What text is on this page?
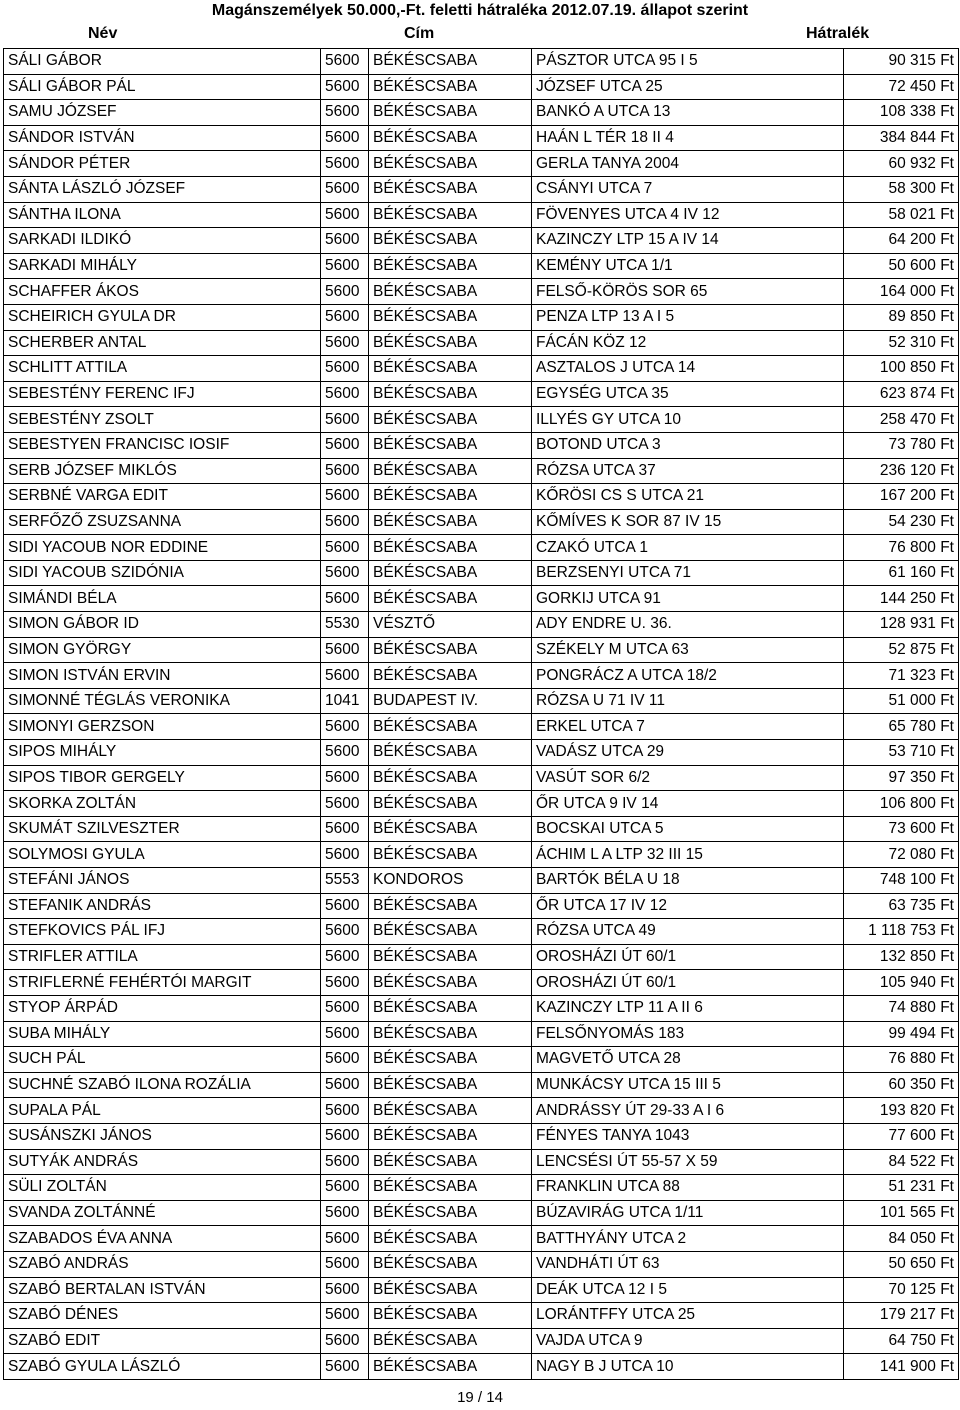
Magánszemélyek 50.000,-Ft. feletti hátraléka 2012.07.19. állapot szerint
Név	Cím	Hátralék
SÁLI GÁBOR	5600	BÉKÉSCSABA	PÁSZTOR UTCA 95 I 5	90 315 Ft
SÁLI GÁBOR PÁL	5600	BÉKÉSCSABA	JÓZSEF UTCA 25	72 450 Ft
SAMU JÓZSEF	5600	BÉKÉSCSABA	BANKÓ A UTCA 13	108 338 Ft
SÁNDOR ISTVÁN	5600	BÉKÉSCSABA	HAÁN L TÉR 18 II 4	384 844 Ft
SÁNDOR PÉTER	5600	BÉKÉSCSABA	GERLA TANYA 2004	60 932 Ft
SÁNTA LÁSZLÓ JÓZSEF	5600	BÉKÉSCSABA	CSÁNYI UTCA 7	58 300 Ft
SÁNTHA ILONA	5600	BÉKÉSCSABA	FÖVENYES UTCA 4 IV 12	58 021 Ft
SARKADI ILDIKÓ	5600	BÉKÉSCSABA	KAZINCZY LTP 15 A IV 14	64 200 Ft
SARKADI MIHÁLY	5600	BÉKÉSCSABA	KEMÉNY UTCA 1/1	50 600 Ft
SCHAFFER ÁKOS	5600	BÉKÉSCSABA	FELSŐ-KÖRÖS SOR 65	164 000 Ft
SCHEIRICH GYULA DR	5600	BÉKÉSCSABA	PENZA LTP 13 A I 5	89 850 Ft
SCHERBER ANTAL	5600	BÉKÉSCSABA	FÁCÁN KÖZ 12	52 310 Ft
SCHLITT ATTILA	5600	BÉKÉSCSABA	ASZTALOS J UTCA 14	100 850 Ft
SEBESTÉNY FERENC IFJ	5600	BÉKÉSCSABA	EGYSÉG UTCA 35	623 874 Ft
SEBESTÉNY ZSOLT	5600	BÉKÉSCSABA	ILLYÉS GY UTCA 10	258 470 Ft
SEBESTYEN FRANCISC IOSIF	5600	BÉKÉSCSABA	BOTOND UTCA 3	73 780 Ft
SERB JÓZSEF MIKLÓS	5600	BÉKÉSCSABA	RÓZSA UTCA 37	236 120 Ft
SERBNÉ VARGA EDIT	5600	BÉKÉSCSABA	KŐRÖSI CS S UTCA 21	167 200 Ft
SERFŐZŐ ZSUZSANNA	5600	BÉKÉSCSABA	KŐMÍVES K SOR 87 IV 15	54 230 Ft
SIDI YACOUB NOR EDDINE	5600	BÉKÉSCSABA	CZAKÓ UTCA 1	76 800 Ft
SIDI YACOUB SZIDÓNIA	5600	BÉKÉSCSABA	BERZSENYI UTCA 71	61 160 Ft
SIMÁNDI BÉLA	5600	BÉKÉSCSABA	GORKIJ UTCA 91	144 250 Ft
SIMON GÁBOR ID	5530	VÉSZTŐ	ADY ENDRE U. 36.	128 931 Ft
SIMON GYÖRGY	5600	BÉKÉSCSABA	SZÉKELY M UTCA 63	52 875 Ft
SIMON ISTVÁN ERVIN	5600	BÉKÉSCSABA	PONGRÁCZ A UTCA 18/2	71 323 Ft
SIMONNÉ TÉGLÁS VERONIKA	1041	BUDAPEST IV.	RÓZSA U 71 IV 11	51 000 Ft
SIMONYI GERZSON	5600	BÉKÉSCSABA	ERKEL UTCA 7	65 780 Ft
SIPOS MIHÁLY	5600	BÉKÉSCSABA	VADÁSZ UTCA 29	53 710 Ft
SIPOS TIBOR GERGELY	5600	BÉKÉSCSABA	VASÚT SOR 6/2	97 350 Ft
SKORKA ZOLTÁN	5600	BÉKÉSCSABA	ŐR UTCA 9 IV 14	106 800 Ft
SKUMÁT SZILVESZTER	5600	BÉKÉSCSABA	BOCSKAI UTCA 5	73 600 Ft
SOLYMOSI GYULA	5600	BÉKÉSCSABA	ÁCHIM L A LTP 32 III 15	72 080 Ft
STEFÁNI JÁNOS	5553	KONDOROS	BARTÓK BÉLA U 18	748 100 Ft
STEFANIK ANDRÁS	5600	BÉKÉSCSABA	ŐR UTCA 17 IV 12	63 735 Ft
STEFKOVICS PÁL IFJ	5600	BÉKÉSCSABA	RÓZSA UTCA 49	1 118 753 Ft
STRIFLER ATTILA	5600	BÉKÉSCSABA	OROSHÁZI ÚT 60/1	132 850 Ft
STRIFLERNÉ FEHÉRTÓI MARGIT	5600	BÉKÉSCSABA	OROSHÁZI ÚT 60/1	105 940 Ft
STYOP ÁRPÁD	5600	BÉKÉSCSABA	KAZINCZY LTP 11 A II 6	74 880 Ft
SUBA MIHÁLY	5600	BÉKÉSCSABA	FELSŐNYOMÁS 183	99 494 Ft
SUCH PÁL	5600	BÉKÉSCSABA	MAGVETŐ UTCA 28	76 880 Ft
SUCHNÉ SZABÓ ILONA ROZÁLIA	5600	BÉKÉSCSABA	MUNKÁCSY UTCA 15 III 5	60 350 Ft
SUPALA PÁL	5600	BÉKÉSCSABA	ANDRÁSSY ÚT 29-33 A I 6	193 820 Ft
SUSÁNSZKI JÁNOS	5600	BÉKÉSCSABA	FÉNYES TANYA 1043	77 600 Ft
SUTYÁK ANDRÁS	5600	BÉKÉSCSABA	LENCSÉSI ÚT 55-57 X 59	84 522 Ft
SÜLI ZOLTÁN	5600	BÉKÉSCSABA	FRANKLIN UTCA 88	51 231 Ft
SVANDA ZOLTÁNNÉ	5600	BÉKÉSCSABA	BÚZAVIRÁG UTCA 1/11	101 565 Ft
SZABADOS ÉVA ANNA	5600	BÉKÉSCSABA	BATTHYÁNY UTCA 2	84 050 Ft
SZABÓ ANDRÁS	5600	BÉKÉSCSABA	VANDHÁTI ÚT 63	50 650 Ft
SZABÓ BERTALAN ISTVÁN	5600	BÉKÉSCSABA	DEÁK UTCA 12 I 5	70 125 Ft
SZABÓ DÉNES	5600	BÉKÉSCSABA	LORÁNTFFY UTCA 25	179 217 Ft
SZABÓ EDIT	5600	BÉKÉSCSABA	VAJDA UTCA 9	64 750 Ft
SZABÓ GYULA LÁSZLÓ	5600	BÉKÉSCSABA	NAGY B J UTCA 10	141 900 Ft
19 / 14
